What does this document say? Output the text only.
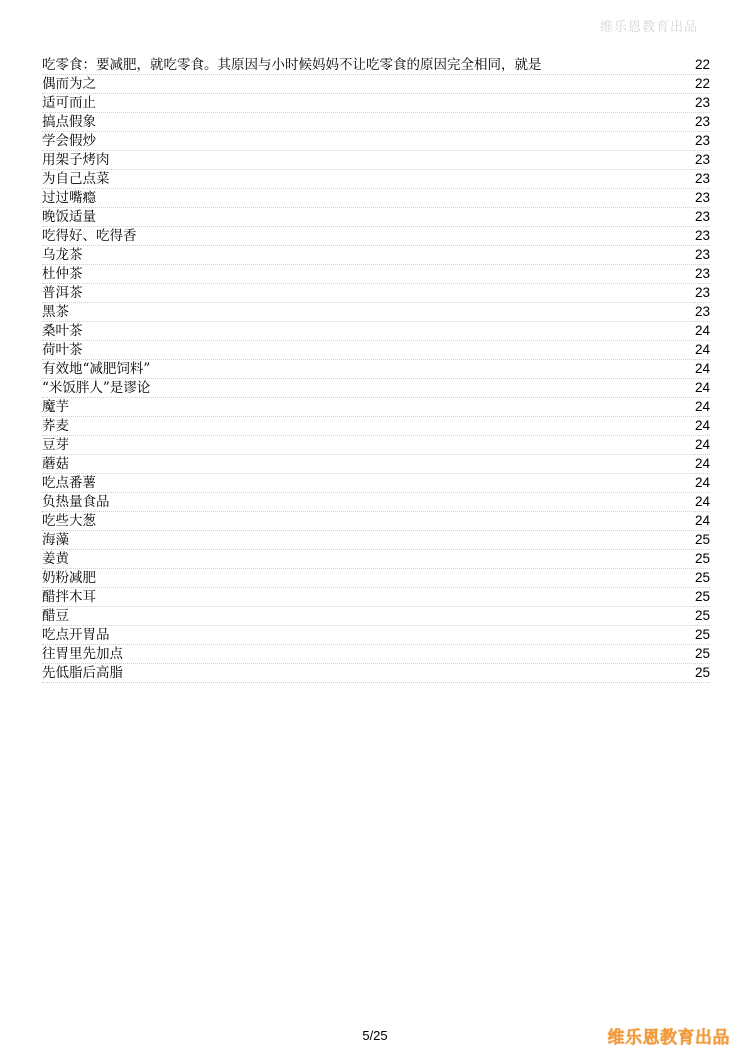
维乐恩教育出品
吃零食：要减肥，就吃零食。其原因与小时候妈妈不让吃零食的原因完全相同，就是	22
偶而为之	22
适可而止	23
搞点假象	23
学会假炒	23
用架子烤肉	23
为自己点菜	23
过过嘴瘾	23
晚饭适量	23
吃得好、吃得香	23
乌龙茶	23
杜仲茶	23
普洱茶	23
黑茶	23
桑叶茶	24
荷叶茶	24
有效地“减肥饲料”	24
“米饭胖人”是谬论	24
魔芋	24
荞麦	24
豆芽	24
蘑菇	24
吃点番薯	24
负热量食品	24
吃些大葱	24
海藻	25
姜黄	25
奶粉减肥	25
醋拌木耳	25
醋豆	25
吃点开胃品	25
往胃里先加点	25
先低脂后高脂	25
5/25	维乐恩教育出品
